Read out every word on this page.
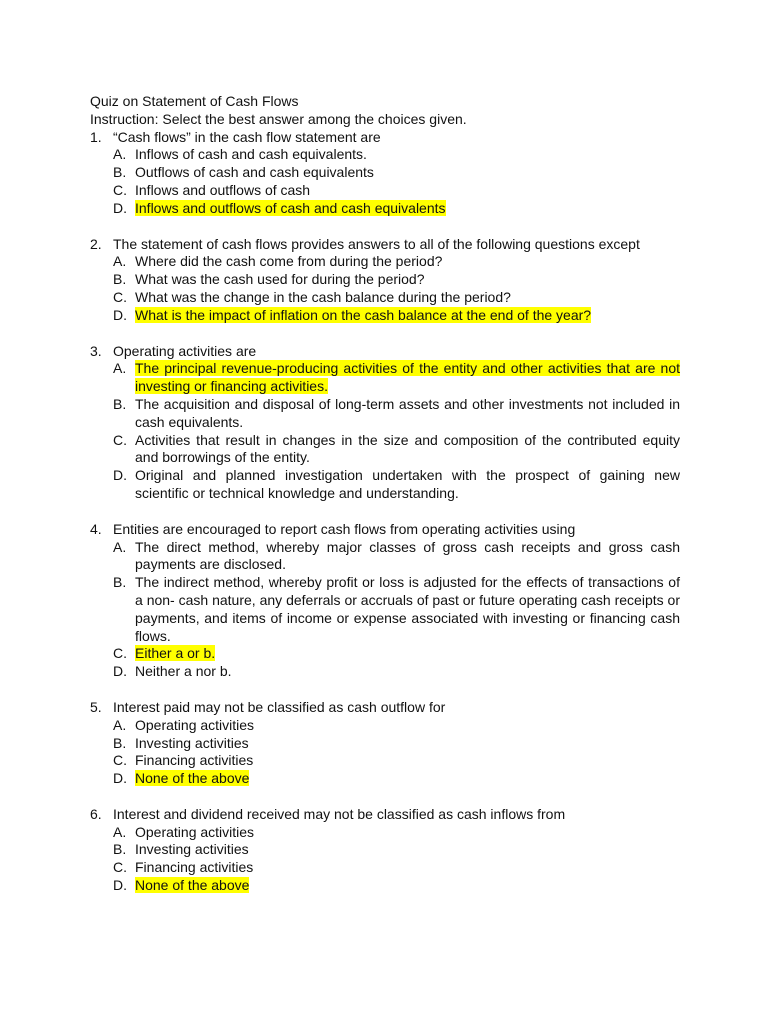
Quiz on Statement of Cash Flows
Instruction: Select the best answer among the choices given.
1. “Cash flows” in the cash flow statement are
A. Inflows of cash and cash equivalents.
B. Outflows of cash and cash equivalents
C. Inflows and outflows of cash
D. Inflows and outflows of cash and cash equivalents
2. The statement of cash flows provides answers to all of the following questions except
A. Where did the cash come from during the period?
B. What was the cash used for during the period?
C. What was the change in the cash balance during the period?
D. What is the impact of inflation on the cash balance at the end of the year?
3. Operating activities are
A. The principal revenue-producing activities of the entity and other activities that are not investing or financing activities.
B. The acquisition and disposal of long-term assets and other investments not included in cash equivalents.
C. Activities that result in changes in the size and composition of the contributed equity and borrowings of the entity.
D. Original and planned investigation undertaken with the prospect of gaining new scientific or technical knowledge and understanding.
4. Entities are encouraged to report cash flows from operating activities using
A. The direct method, whereby major classes of gross cash receipts and gross cash payments are disclosed.
B. The indirect method, whereby profit or loss is adjusted for the effects of transactions of a non- cash nature, any deferrals or accruals of past or future operating cash receipts or payments, and items of income or expense associated with investing or financing cash flows.
C. Either a or b.
D. Neither a nor b.
5. Interest paid may not be classified as cash outflow for
A. Operating activities
B. Investing activities
C. Financing activities
D. None of the above
6. Interest and dividend received may not be classified as cash inflows from
A. Operating activities
B. Investing activities
C. Financing activities
D. None of the above
